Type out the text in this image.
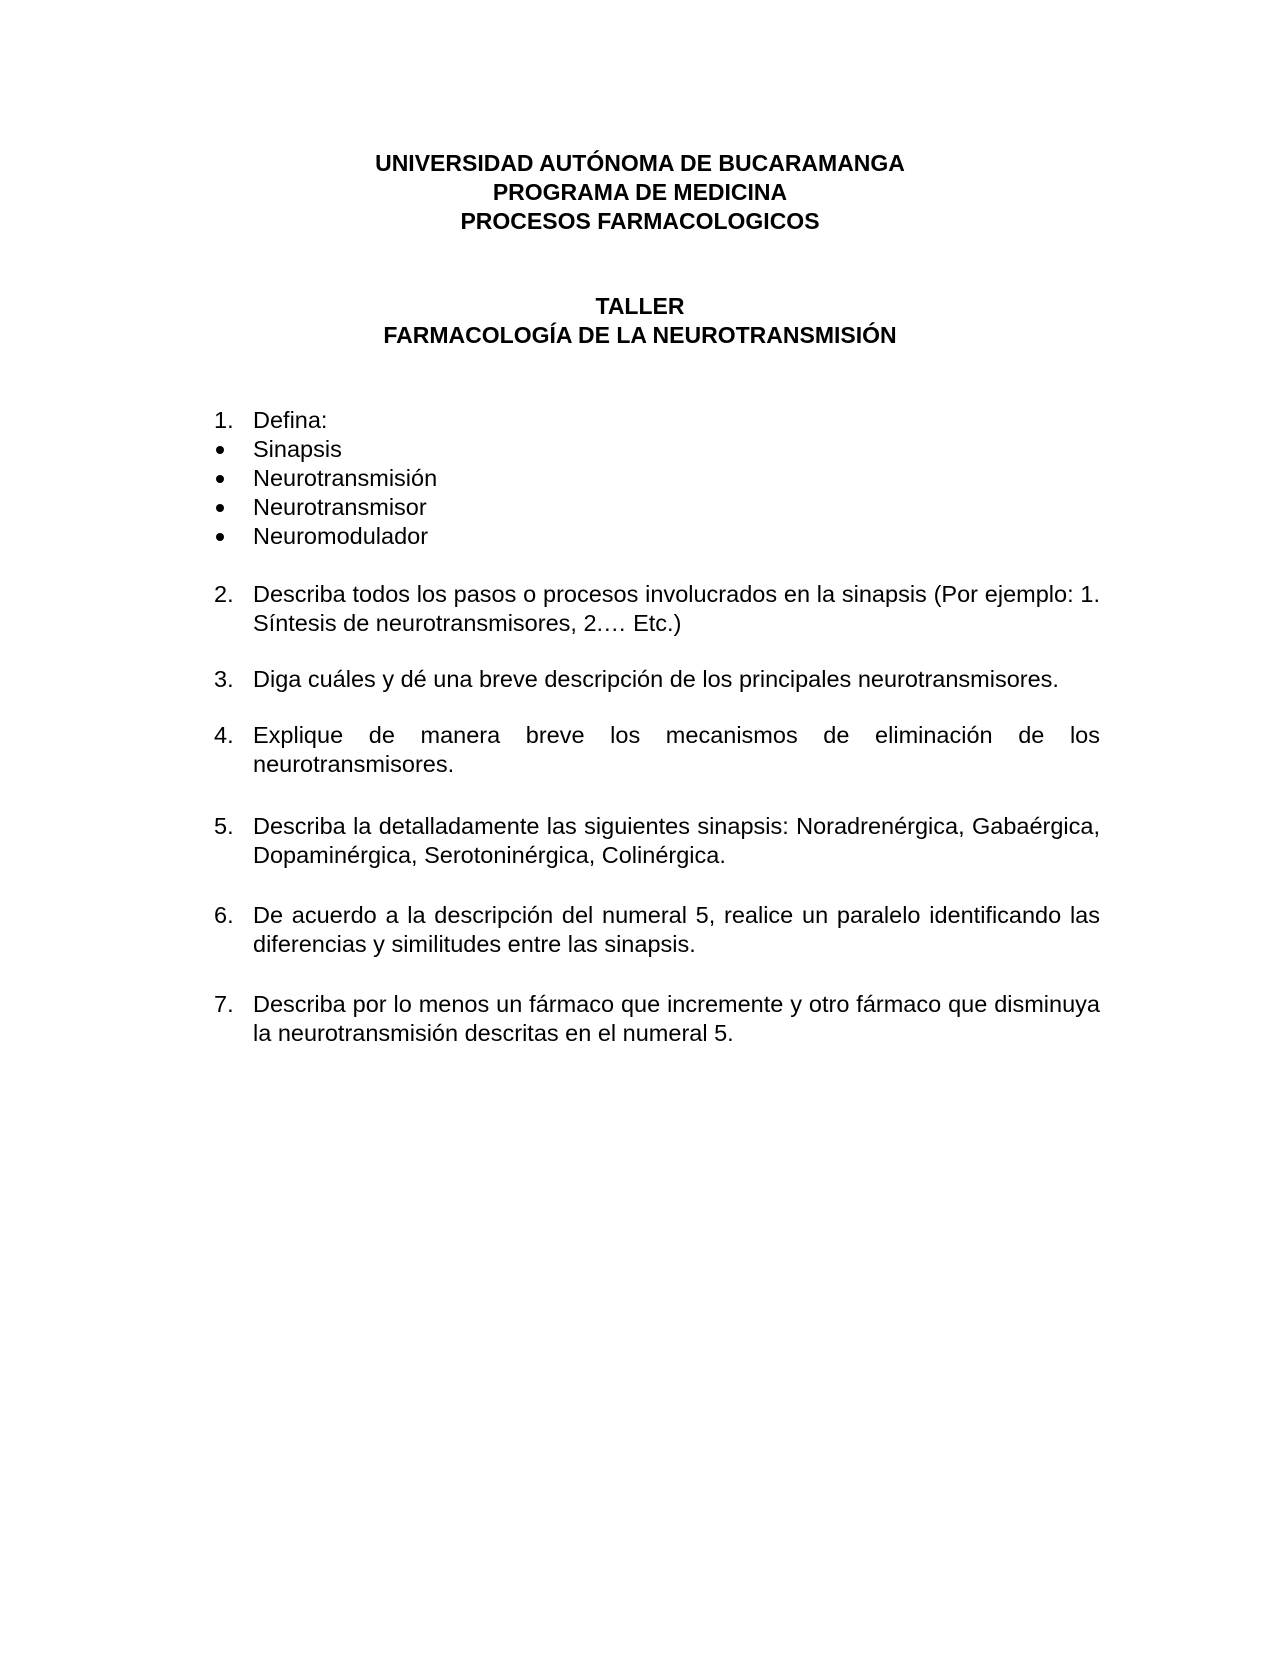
UNIVERSIDAD AUTÓNOMA DE BUCARAMANGA
PROGRAMA DE MEDICINA
PROCESOS FARMACOLOGICOS
TALLER
FARMACOLOGÍA DE LA NEUROTRANSMISIÓN
1. Defina:
Sinapsis
Neurotransmisión
Neurotransmisor
Neuromodulador
2. Describa todos los pasos o procesos involucrados en la sinapsis (Por ejemplo: 1. Síntesis de neurotransmisores, 2.… Etc.)
3. Diga cuáles y dé una breve descripción de los principales neurotransmisores.
4. Explique de manera breve los mecanismos de eliminación de los neurotransmisores.
5. Describa la detalladamente las siguientes sinapsis: Noradrenérgica, Gabaérgica, Dopaminérgica, Serotoninérgica, Colinérgica.
6. De acuerdo a la descripción del numeral 5, realice un paralelo identificando las diferencias y similitudes entre las sinapsis.
7. Describa por lo menos un fármaco que incremente y otro fármaco que disminuya la neurotransmisión descritas en el numeral 5.
